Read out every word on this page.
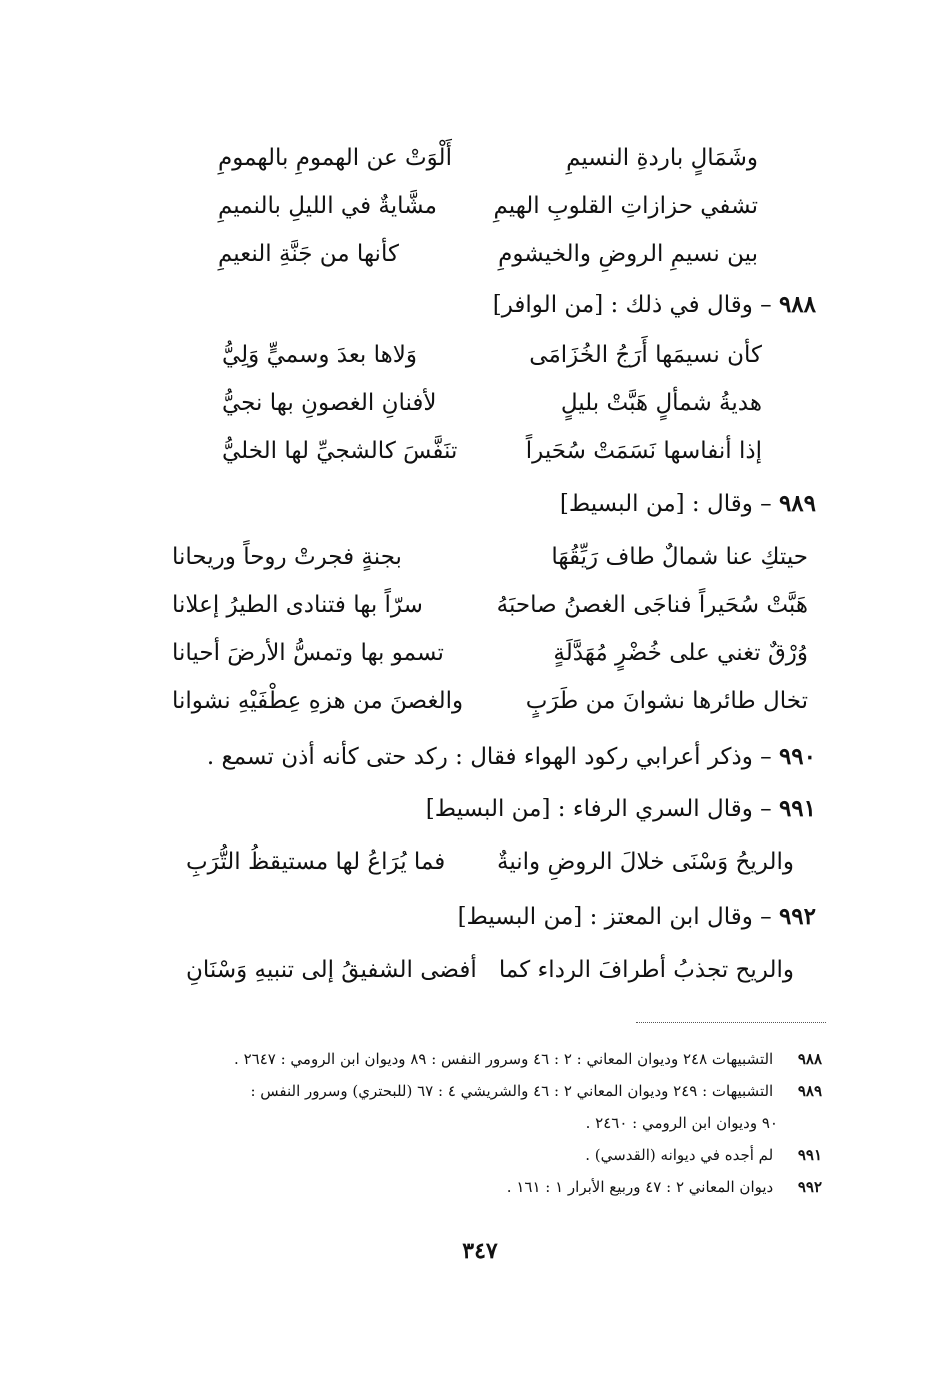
وشَمَالٍ باردةِ النسيمِ
أَلْوَتْ عن الهمومِ بالهمومِ
تشفي حزازاتِ القلوبِ الهيمِ
مشَّايةٌ في الليلِ بالنميمِ
بين نسيمِ الروضِ والخيشومِ
كأنها من جَنَّةِ النعيمِ
٩٨٨ – وقال في ذلك : [من الوافر]
كأن نسيمَها أَرَجُ الخُزَامَى
وَلاها بعدَ وسميٍّ وَلِيُّ
هديةُ شمألٍ هَبَّتْ بليلٍ
لأفنانِ الغصونِ بها نجيُّ
إذا أنفاسها نَسَمَتْ سُحَيراً
تنَفَّسَ كالشجيِّ لها الخليُّ
٩٨٩ – وقال : [من البسيط]
حيتكِ عنا شمالٌ طاف رَيِّقُهَا
بجنةٍ فجرتْ روحاً وريحانا
هَبَّتْ سُحَيراً فناجَى الغصنُ صاحبَهُ
سرّاً بها فتنادى الطيرُ إعلانا
وُرْقٌ تغني على خُضْرٍ مُهَدَّلَةٍ
تسمو بها وتمسُّ الأرضَ أحيانا
تخال طائرها نشوانَ من طَرَبٍ
والغصنَ من هزهِ عِطْفَيْهِ نشوانا
٩٩٠ – وذكر أعرابي ركود الهواء فقال : ركد حتى كأنه أذن تسمع .
٩٩١ – وقال السري الرفاء : [من البسيط]
والريحُ وَسْنَى خلالَ الروضِ وانيةٌ
فما يُرَاعُ لها مستيقظُ التُّرَبِ
٩٩٢ – وقال ابن المعتز : [من البسيط]
والريح تجذبُ أطرافَ الرداء كما
أفضى الشفيقُ إلى تنبيهِ وَسْنَانِ
٩٨٨ التشبيهات ٢٤٨ وديوان المعاني : ٢ : ٤٦ وسرور النفس : ٨٩ وديوان ابن الرومي : ٢٦٤٧ .
٩٨٩ التشبيهات : ٢٤٩ وديوان المعاني ٢ : ٤٦ والشريشي ٤ : ٦٧ (للبحتري) وسرور النفس :
٩٠ وديوان ابن الرومي : ٢٤٦٠ .
٩٩١ لم أجده في ديوانه (القدسي) .
٩٩٢ ديوان المعاني ٢ : ٤٧ وربيع الأبرار ١ : ١٦١ .
٣٤٧
